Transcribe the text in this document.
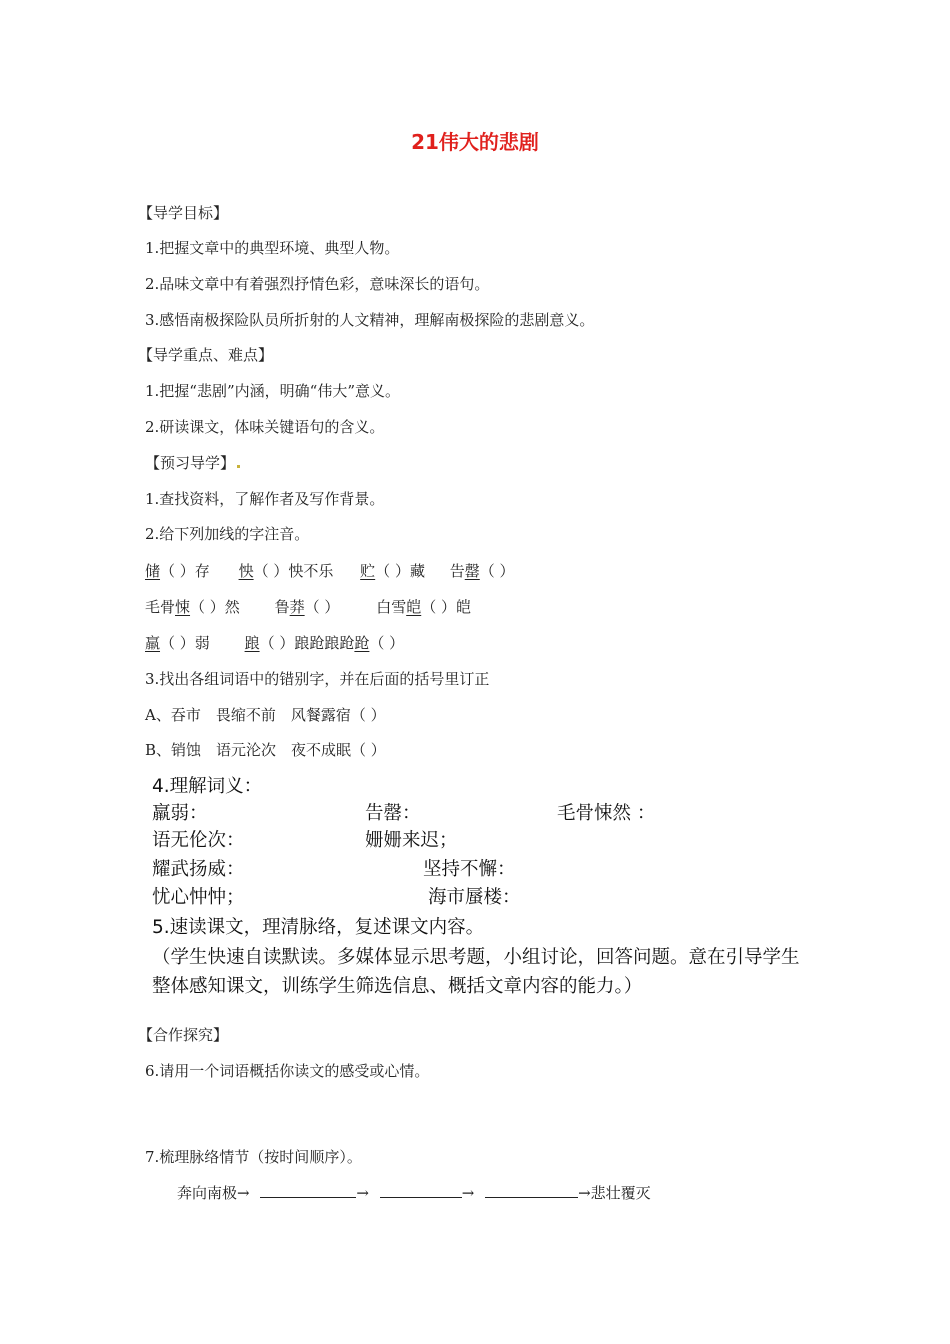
21伟大的悲剧
【导学目标】
1.把握文章中的典型环境、典型人物。
2.品味文章中有着强烈抒情色彩，意味深长的语句。
3.感悟南极探险队员所折射的人文精神，理解南极探险的悲剧意义。
【导学重点、难点】
1.把握“悲剧”内涵，明确“伟大”意义。
2.研读课文，体味关键语句的含义。
【预习导学】
1.查找资料，了解作者及写作背景。
2.给下列加线的字注音。
储（ ）存 怏（ ）怏不乐 贮（ ）藏 告罄（ ）
毛骨悚（ ）然 鲁莽（ ） 白雪皑（ ）皑
羸（ ）弱 踉（ ）踉跄踉跄跄（ ）
3.找出各组词语中的错别字，并在后面的括号里订正
A、吞市　畏缩不前　风餐露宿（ ）
B、销蚀　语元沦次　夜不成眠（ ）
4.理解词义：
羸弱：	告罄：	毛骨悚然 ：
语无伦次：	姗姗来迟；
耀武扬威：	坚持不懈：
忧心忡忡；	海市蜃楼：
5.速读课文，理清脉络，复述课文内容。
（学生快速自读默读。多媒体显示思考题，小组讨论，回答问题。意在引导学生
整体感知课文，训练学生筛选信息、概括文章内容的能力。）
【合作探究】
6.请用一个词语概括你读文的感受或心情。
7.梳理脉络情节（按时间顺序）。
奔向南极→	→	→	→悲壮覆灭
